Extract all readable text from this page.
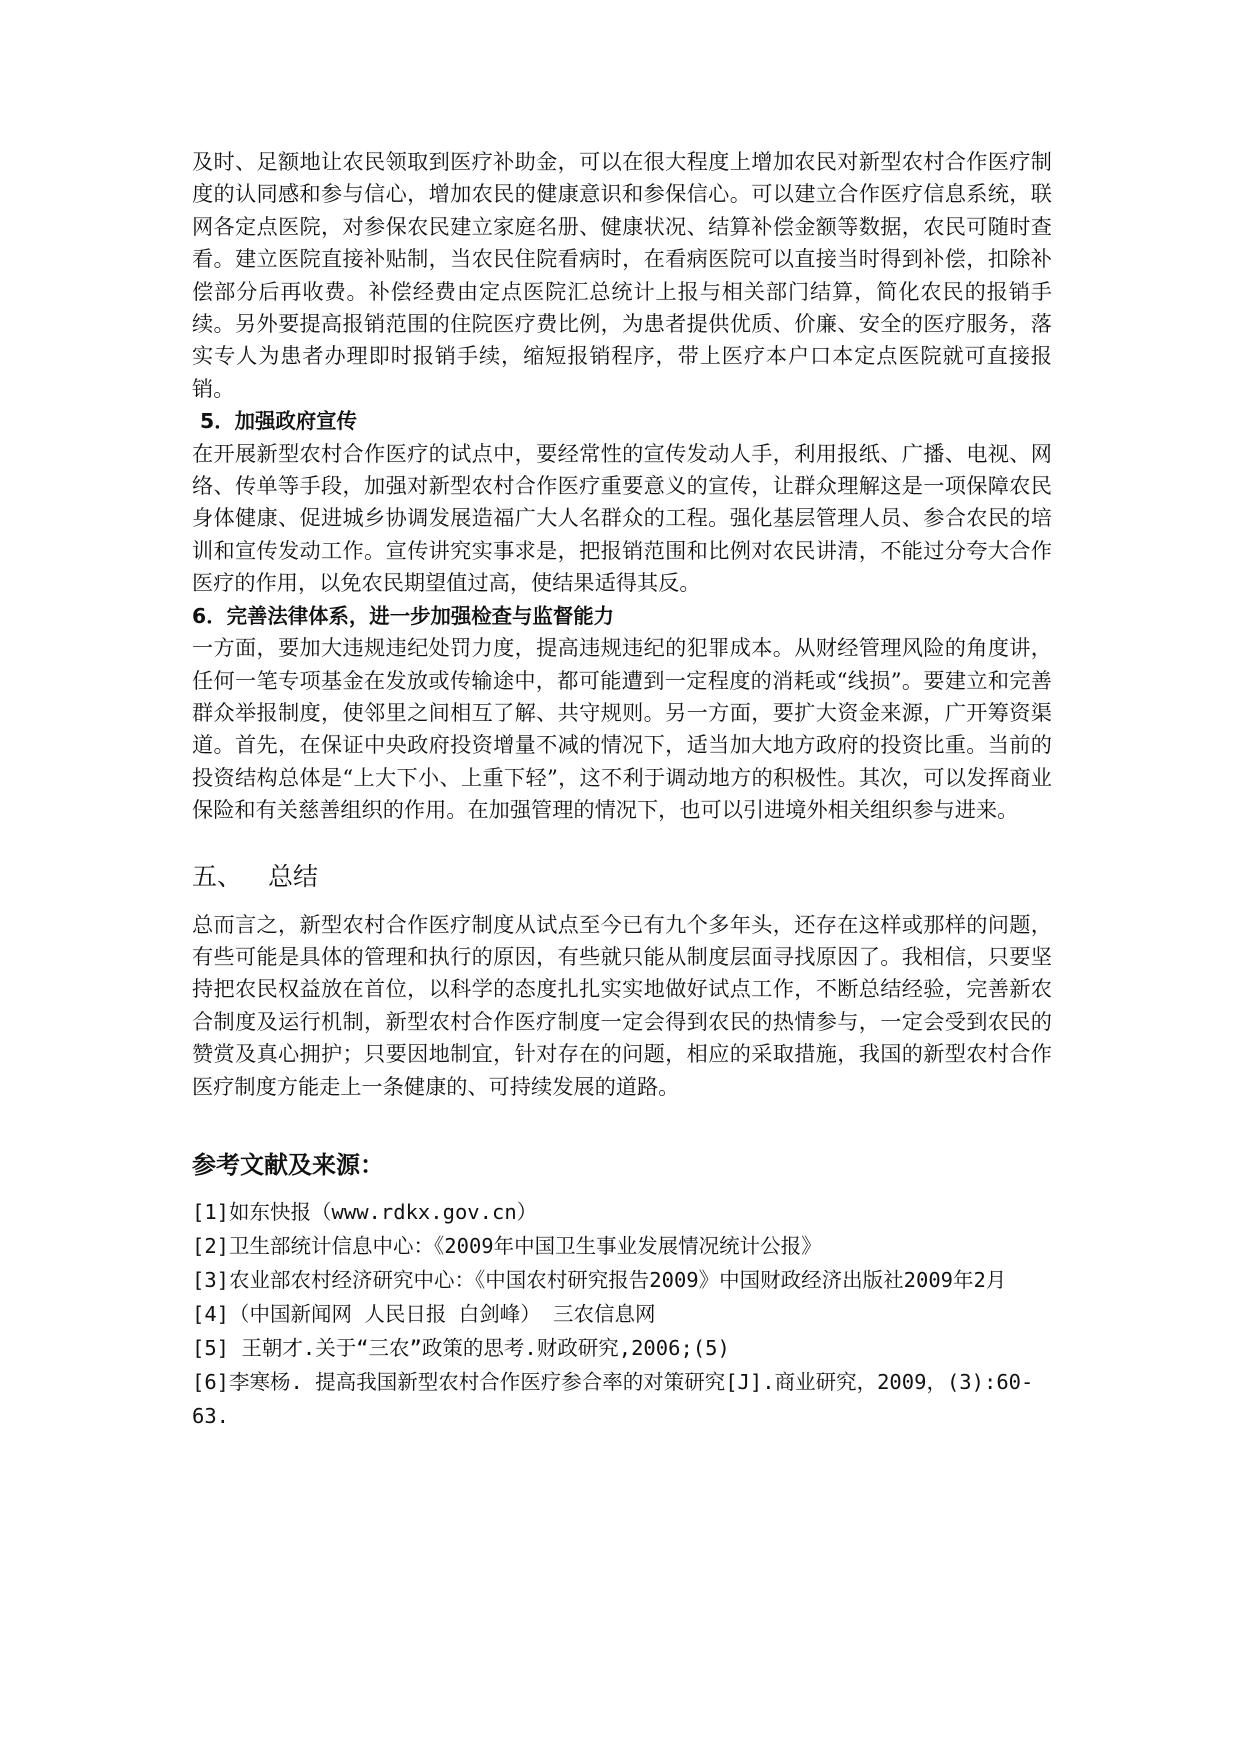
及时、足额地让农民领取到医疗补助金，可以在很大程度上增加农民对新型农村合作医疗制度的认同感和参与信心，增加农民的健康意识和参保信心。可以建立合作医疗信息系统，联网各定点医院，对参保农民建立家庭名册、健康状况、结算补偿金额等数据，农民可随时查看。建立医院直接补贴制，当农民住院看病时，在看病医院可以直接当时得到补偿，扣除补偿部分后再收费。补偿经费由定点医院汇总统计上报与相关部门结算，简化农民的报销手续。另外要提高报销范围的住院医疗费比例，为患者提供优质、价廉、安全的医疗服务，落实专人为患者办理即时报销手续，缩短报销程序，带上医疗本户口本定点医院就可直接报销。

5．加强政府宣传

在开展新型农村合作医疗的试点中，要经常性的宣传发动人手，利用报纸、广播、电视、网络、传单等手段，加强对新型农村合作医疗重要意义的宣传，让群众理解这是一项保障农民身体健康、促进城乡协调发展造福广大人名群众的工程。强化基层管理人员、参合农民的培训和宣传发动工作。宣传讲究实事求是，把报销范围和比例对农民讲清，不能过分夸大合作医疗的作用，以免农民期望值过高，使结果适得其反。

6．完善法律体系，进一步加强检查与监督能力

一方面，要加大违规违纪处罚力度，提高违规违纪的犯罪成本。从财经管理风险的角度讲，任何一笔专项基金在发放或传输途中，都可能遭到一定程度的消耗或“线损”。要建立和完善群众举报制度，使邻里之间相互了解、共守规则。另一方面，要扩大资金来源，广开筹资渠道。首先，在保证中央政府投资增量不减的情况下，适当加大地方政府的投资比重。当前的投资结构总体是“上大下小、上重下轻”，这不利于调动地方的积极性。其次，可以发挥商业保险和有关慈善组织的作用。在加强管理的情况下，也可以引进境外相关组织参与进来。

五、	总结

总而言之，新型农村合作医疗制度从试点至今已有九个多年头，还存在这样或那样的问题，有些可能是具体的管理和执行的原因，有些就只能从制度层面寻找原因了。我相信，只要坚持把农民权益放在首位，以科学的态度扎扎实实地做好试点工作，不断总结经验，完善新农合制度及运行机制，新型农村合作医疗制度一定会得到农民的热情参与，一定会受到农民的赞赏及真心拥护；只要因地制宜，针对存在的问题，相应的采取措施，我国的新型农村合作医疗制度方能走上一条健康的、可持续发展的道路。

参考文献及来源：

[1]如东快报（www.rdkx.gov.cn）

[2]卫生部统计信息中心：《2009年中国卫生事业发展情况统计公报》

[3]农业部农村经济研究中心：《中国农村研究报告2009》中国财政经济出版社2009年2月

[4]（中国新闻网 人民日报 白剑峰） 三农信息网

[5] 王朝才.关于“三农”政策的思考.财政研究,2006;(5)

[6]李寒杨. 提高我国新型农村合作医疗参合率的对策研究[J].商业研究，2009，(3):60- 63.
